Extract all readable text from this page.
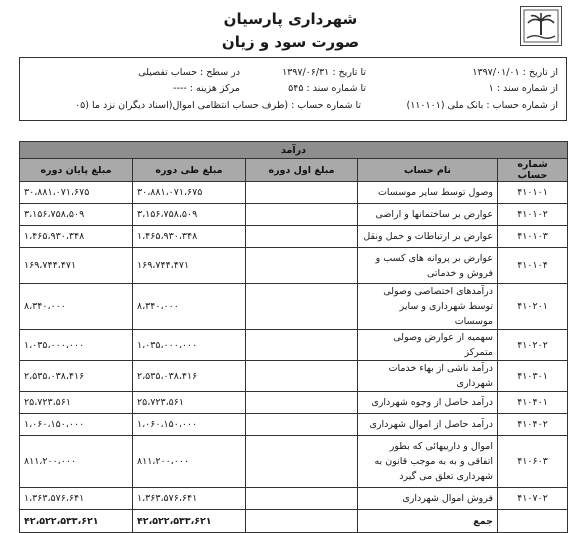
شهرداری پارسیان
صورت سود و زیان
از تاریخ : ۱۳۹۷/۰۱/۰۱
تا تاریخ : ۱۳۹۷/۰۶/۳۱
در سطح : حساب تفصیلی
از شماره سند : ۱
تا شماره سند : ۵۴۵
مرکز هزینه : ----
از شماره حساب : بانک ملی (۱۱۰۱۰۱)
تا شماره حساب : (طرف حساب انتظامی اموال(اسناد دیگران نزد ما (۰۵
درآمد				
شماره حساب	نام حساب	مبلغ اول دوره	مبلغ طی دوره	مبلغ پایان دوره
۴۱۰۱۰۱	وصول توسط سایر موسسات		۳۰،۸۸۱،۰۷۱،۶۷۵	۳۰،۸۸۱،۰۷۱،۶۷۵
۴۱۰۱۰۲	عوارض بر ساختمانها و اراضی		۳،۱۵۶،۷۵۸،۵۰۹	۳،۱۵۶،۷۵۸،۵۰۹
۴۱۰۱۰۳	عوارض بر ارتباطات و حمل ونقل		۱،۴۶۵،۹۳۰،۳۴۸	۱،۴۶۵،۹۳۰،۳۴۸
۴۱۰۱۰۴	عوارض بر پروانه های کسب و فروش و خدماتی		۱۶۹،۷۴۴،۴۷۱	۱۶۹،۷۴۴،۴۷۱
۴۱۰۲۰۱	درآمدهای اختصاصی وصولی توسط شهرداری و سایر موسسات		۸،۳۴۰،۰۰۰	۸،۳۴۰،۰۰۰
۴۱۰۲۰۲	سهمیه از عوارض وصولی متمرکز		۱،۰۳۵،۰۰۰،۰۰۰	۱،۰۳۵،۰۰۰،۰۰۰
۴۱۰۳۰۱	درآمد ناشی از بهاء خدمات شهرداری		۲،۵۳۵،۰۳۸،۴۱۶	۲،۵۳۵،۰۳۸،۴۱۶
۴۱۰۴۰۱	درآمد حاصل از وجوه شهرداری		۲۵،۷۲۳،۵۶۱	۲۵،۷۲۳،۵۶۱
۴۱۰۴۰۲	درآمد حاصل از اموال شهرداری		۱،۰۶۰،۱۵۰،۰۰۰	۱،۰۶۰،۱۵۰،۰۰۰
۴۱۰۶۰۳	اموال و دارییهائی که بطور اتفاقی و به به موجب قانون به شهرداری تعلق می گیرد		۸۱۱،۲۰۰،۰۰۰	۸۱۱،۲۰۰،۰۰۰
۴۱۰۷۰۲	فروش اموال شهرداری		۱،۳۶۳،۵۷۶،۶۴۱	۱،۳۶۳،۵۷۶،۶۴۱
	جمع		۴۲،۵۲۲،۵۳۳،۶۲۱	۴۲،۵۲۲،۵۳۳،۶۲۱
